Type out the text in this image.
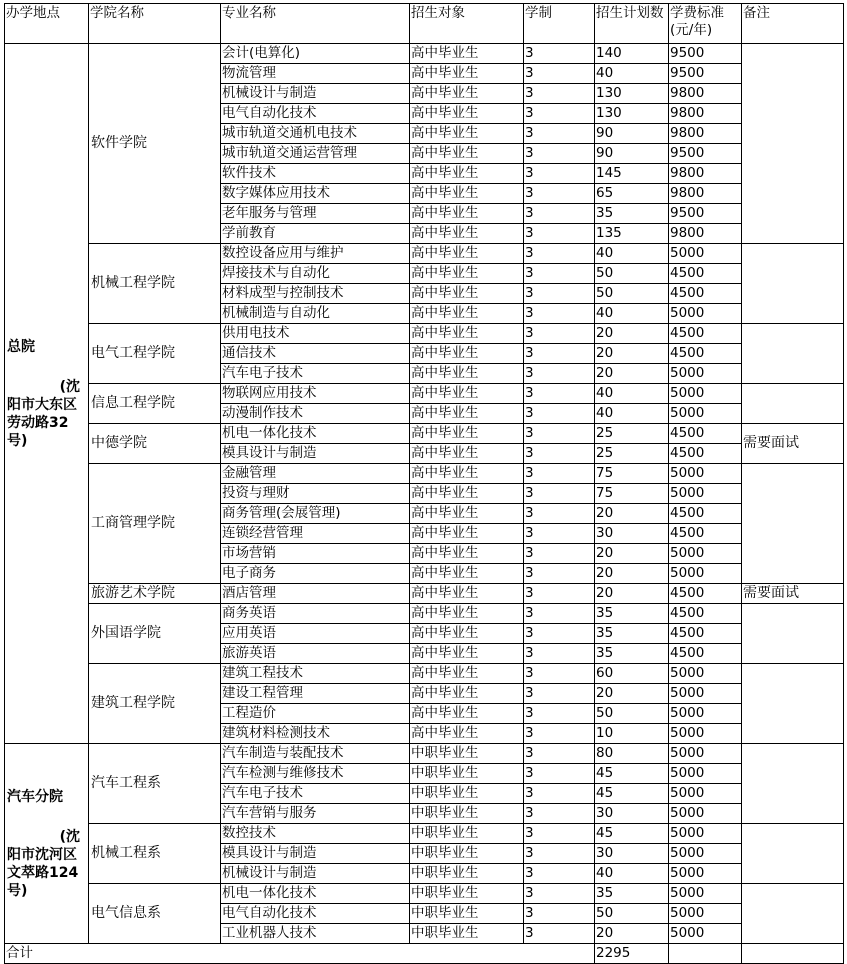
办学地点	学院名称	专业名称	招生对象	学制	招生计划数	学费标准(元/年)	备注

总院
(沈
阳市大东区劳动路32号)	软件学院	会计(电算化)	高中毕业生	3	140	9500	
		物流管理	高中毕业生	3	40	9500	
		机械设计与制造	高中毕业生	3	130	9800	
		电气自动化技术	高中毕业生	3	130	9800	
		城市轨道交通机电技术	高中毕业生	3	90	9800	
		城市轨道交通运营管理	高中毕业生	3	90	9500	
		软件技术	高中毕业生	3	145	9800	
		数字媒体应用技术	高中毕业生	3	65	9800	
		老年服务与管理	高中毕业生	3	35	9500	
		学前教育	高中毕业生	3	135	9800	
	机械工程学院	数控设备应用与维护	高中毕业生	3	40	5000	
		焊接技术与自动化	高中毕业生	3	50	4500	
		材料成型与控制技术	高中毕业生	3	50	4500	
		机械制造与自动化	高中毕业生	3	40	5000	
	电气工程学院	供用电技术	高中毕业生	3	20	4500	
		通信技术	高中毕业生	3	20	4500	
		汽车电子技术	高中毕业生	3	20	5000	
	信息工程学院	物联网应用技术	高中毕业生	3	40	5000	
		动漫制作技术	高中毕业生	3	40	5000	
	中德学院	机电一体化技术	高中毕业生	3	25	4500	需要面试
		模具设计与制造	高中毕业生	3	25	4500	
	工商管理学院	金融管理	高中毕业生	3	75	5000	
		投资与理财	高中毕业生	3	75	5000	
		商务管理(会展管理)	高中毕业生	3	20	4500	
		连锁经营管理	高中毕业生	3	30	4500	
		市场营销	高中毕业生	3	20	5000	
		电子商务	高中毕业生	3	20	5000	
	旅游艺术学院	酒店管理	高中毕业生	3	20	4500	需要面试
	外国语学院	商务英语	高中毕业生	3	35	4500	
		应用英语	高中毕业生	3	35	4500	
		旅游英语	高中毕业生	3	35	4500	
	建筑工程学院	建筑工程技术	高中毕业生	3	60	5000	
		建设工程管理	高中毕业生	3	20	5000	
		工程造价	高中毕业生	3	50	5000	
		建筑材料检测技术	高中毕业生	3	10	5000	

汽车分院
(沈
阳市沈河区文萃路124号)	汽车工程系	汽车制造与装配技术	中职毕业生	3	80	5000	
		汽车检测与维修技术	中职毕业生	3	45	5000	
		汽车电子技术	中职毕业生	3	45	5000	
		汽车营销与服务	中职毕业生	3	30	5000	
	机械工程系	数控技术	中职毕业生	3	45	5000	
		模具设计与制造	中职毕业生	3	30	5000	
		机械设计与制造	中职毕业生	3	40	5000	
	电气信息系	机电一体化技术	中职毕业生	3	35	5000	
		电气自动化技术	中职毕业生	3	50	5000	
		工业机器人技术	中职毕业生	3	20	5000	
合计					2295		
